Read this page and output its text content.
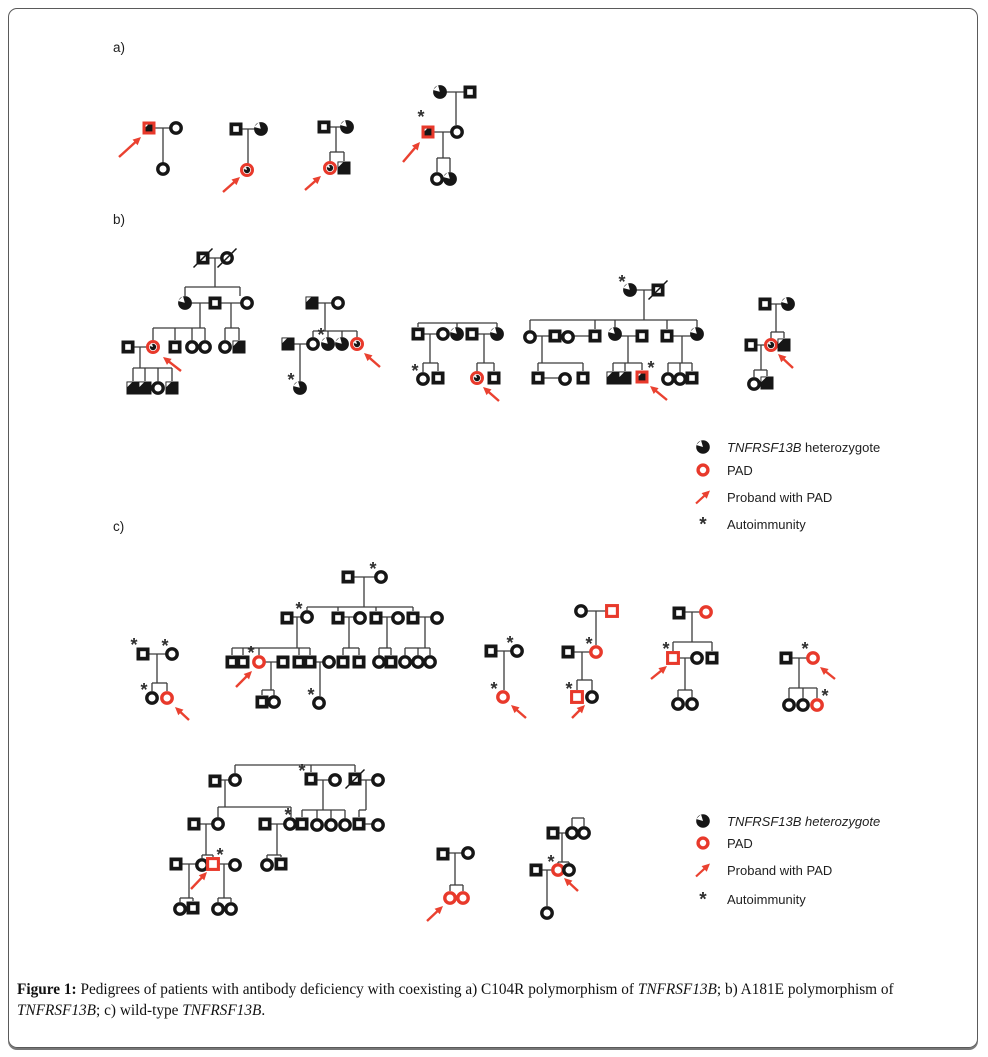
*
*
*	*
*
*
* *
*
*
*
*
*
*
*
*
*
*	*
*
*
*
*	*
a)
b)
c)
TNFRSF13B heterozygote
PAD
Proband with PAD
* Autoimmunity
TNFRSF13B heterozygote
PAD
Proband with PAD
* Autoimmunity

Figure 1: Pedigrees of patients with antibody deficiency with coexisting a) C104R polymorphism of TNFRSF13B; b) A181E polymorphism of TNFRSF13B; c) wild-type TNFRSF13B.
